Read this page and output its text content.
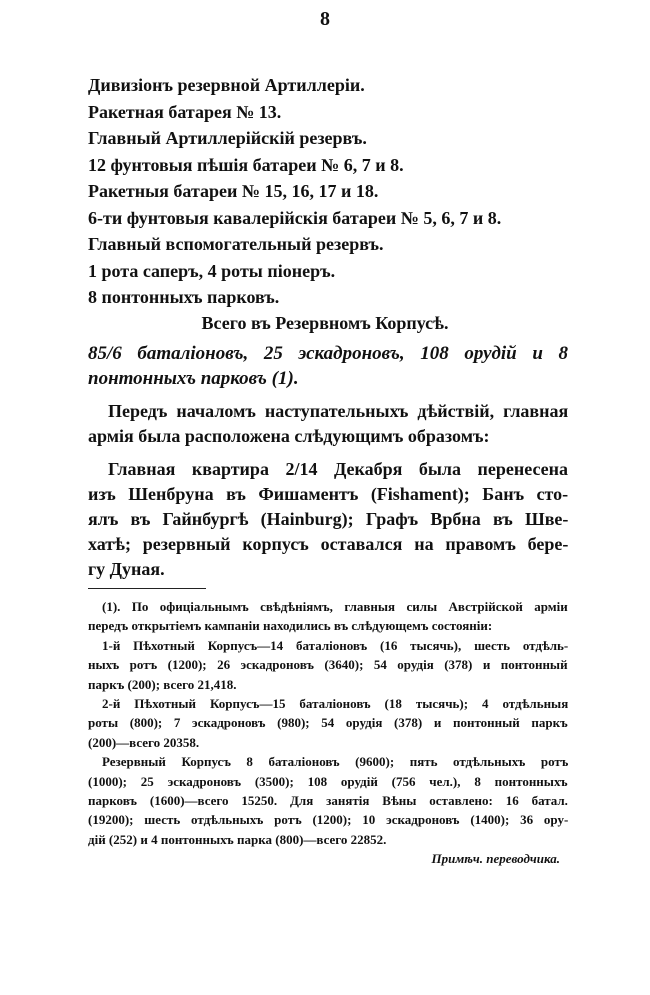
8
Дивизіонъ резервной Артиллеріи.
Ракетная батарея № 13.
Главный Артиллерійскій резервъ.
12 фунтовыя пѣшія батареи № 6, 7 и 8.
Ракетныя батареи № 15, 16, 17 и 18.
6-ти фунтовыя кавалерійскія батареи № 5, 6, 7 и 8.
Главный вспомогательный резервъ.
1 рота саперъ, 4 роты піонеръ.
8 понтонныхъ парковъ.
Всего въ Резервномъ Корпусѣ.
85/6 баталіоновъ, 25 эскадроновъ, 108 орудій и 8
понтонныхъ парковъ (1).
Передъ началомъ наступательныхъ дѣйствій, главная
армія была расположена слѣдующимъ образомъ:
Главная квартира 2/14 Декабря была перенесена
изъ Шенбруна въ Фишаментъ (Fishament); Банъ сто-
ялъ въ Гайнбургѣ (Hainburg); Графъ Врбна въ Шве-
хатѣ; резервный корпусъ оставался на правомъ бере-
гу Дуная.
(1). По офиціальнымъ свѣдѣніямъ, главныя силы Австрійской арміи
передъ открытіемъ кампаніи находились въ слѣдующемъ состояніи:
1-й Пѣхотный Корпусъ—14 баталіоновъ (16 тысячь), шесть отдѣль-
ныхъ ротъ (1200); 26 эскадроновъ (3640); 54 орудія (378) и понтонный
паркъ (200); всего 21,418.
2-й Пѣхотный Корпусъ—15 баталіоновъ (18 тысячь); 4 отдѣльныя
роты (800); 7 эскадроновъ (980); 54 орудія (378) и понтонный паркъ
(200)—всего 20358.
Резервный Корпусъ 8 баталіоновъ (9600); пять отдѣльныхъ ротъ
(1000); 25 эскадроновъ (3500); 108 орудій (756 чел.), 8 понтонныхъ
парковъ (1600)—всего 15250. Для занятія Вѣны оставлено: 16 батал.
(19200); шесть отдѣльныхъ ротъ (1200); 10 эскадроновъ (1400); 36 ору-
дій (252) и 4 понтонныхъ парка (800)—всего 22852.
Примѣч. переводчика.
